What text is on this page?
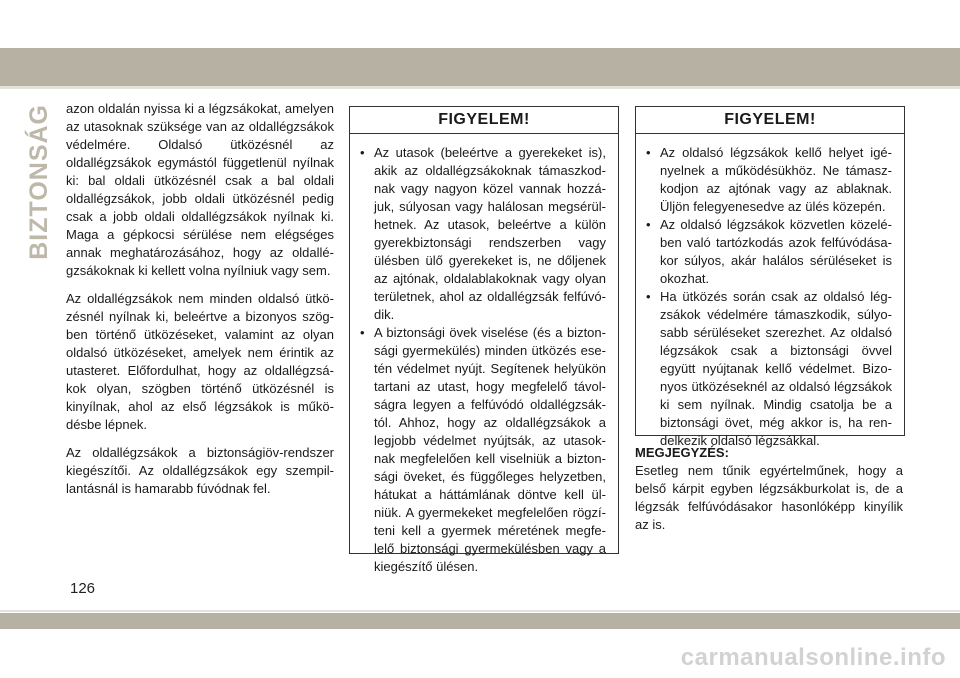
BIZTONSÁG azon oldalán nyissa ki a légzsákokat, amelyen az utasoknak szüksége van az oldallégzsákok védelmére. Oldalsó ütközésnél az oldallégzsákok egymástól függetlenül nyílnak ki: bal oldali ütközésnél csak a bal oldali oldallégzsákok, jobb oldali ütközésnél pedig csak a jobb oldali oldallégzsákok nyílnak ki. Maga a gépkocsi sérülése nem elégséges annak meghatározásához, hogy az oldallégzsákoknak ki kellett volna nyílniuk vagy sem.

Az oldallégzsákok nem minden oldalsó ütközésnél nyílnak ki, beleértve a bizonyos szögben történő ütközéseket, valamint az olyan oldalsó ütközéseket, amelyek nem érintik az utasteret. Előfordulhat, hogy az oldallégzsákok olyan, szögben történő ütközésnél is kinyílnak, ahol az első légzsákok is működésbe lépnek.

Az oldallégzsákok a biztonságiöv-rendszer kiegészítői. Az oldallégzsákok egy szempillantásnál is hamarabb fúvódnak fel.

FIGYELEM!
• Az utasok (beleértve a gyerekeket is), akik az oldallégzsákoknak támaszkodnak vagy nagyon közel vannak hozzájuk, súlyosan vagy halálosan megsérülhetnek. Az utasok, beleértve a külön gyerekbiztonsági rendszerben vagy ülésben ülő gyerekeket is, ne dőljenek az ajtónak, oldalablakoknak vagy olyan területnek, ahol az oldallégzsák felfúvódik.
• A biztonsági övek viselése (és a biztonsági gyermekülés) minden ütközés esetén védelmet nyújt. Segítenek helyükön tartani az utast, hogy megfelelő távolságra legyen a felfúvódó oldallégzsáktól. Ahhoz, hogy az oldallégzsákok a legjobb védelmet nyújtsák, az utasoknak megfelelően kell viselniük a biztonsági öveket, és függőleges helyzetben, hátukat a háttámlának döntve kell ülniük. A gyermekeket megfelelően rögzíteni kell a gyermek méretének megfelelő biztonsági gyermekülésben vagy a kiegészítő ülésen.
FIGYELEM!
• Az oldalsó légzsákok kellő helyet igényelnek a működésükhöz. Ne támaszkodjon az ajtónak vagy az ablaknak. Üljön felegyenesedve az ülés közepén.
• Az oldalsó légzsákok közvetlen közelében való tartózkodás azok felfúvódásakor súlyos, akár halálos sérüléseket is okozhat.
• Ha ütközés során csak az oldalsó légzsákok védelmére támaszkodik, súlyosabb sérüléseket szerezhet. Az oldalsó légzsákok csak a biztonsági övvel együtt nyújtanak kellő védelmet. Bizonyos ütközéseknél az oldalsó légzsákok ki sem nyílnak. Mindig csatolja be a biztonsági övet, még akkor is, ha rendelkezik oldalsó légzsákkal.
MEGJEGYZÉS:
Esetleg nem tűnik egyértelműnek, hogy a belső kárpit egyben légzsákburkolat is, de a légzsák felfúvódásakor hasonlóképp kinyílik az is.
126
carmanualsonline.info
